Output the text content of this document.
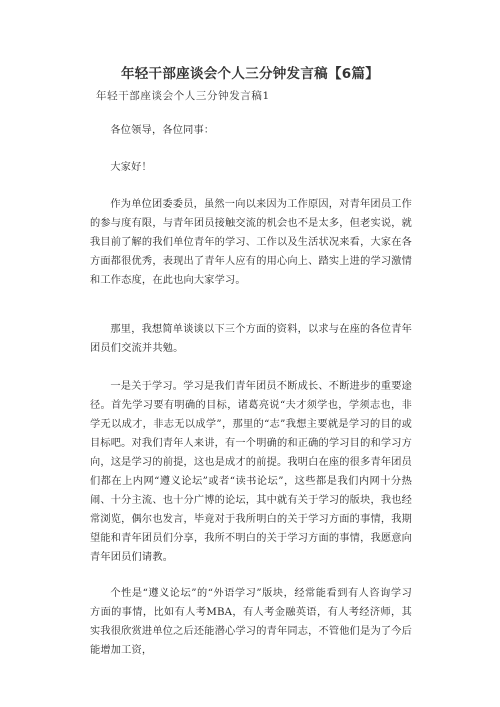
年轻干部座谈会个人三分钟发言稿【6篇】
年轻干部座谈会个人三分钟发言稿1

各位领导，各位同事：

大家好！

作为单位团委委员，虽然一向以来因为工作原因，对青年团员工作的参与度有限，与青年团员接触交流的机会也不是太多，但老实说，就我目前了解的我们单位青年的学习、工作以及生活状况来看，大家在各方面都很优秀，表现出了青年人应有的用心向上、踏实上进的学习激情和工作态度，在此也向大家学习。

那里，我想简单谈谈以下三个方面的资料，以求与在座的各位青年团员们交流并共勉。

一是关于学习。学习是我们青年团员不断成长、不断进步的重要途径。首先学习要有明确的目标，诸葛亮说“夫才须学也，学须志也，非学无以成才，非志无以成学”，那里的“志”我想主要就是学习的目的或目标吧。对我们青年人来讲，有一个明确的和正确的学习目的和学习方向，这是学习的前提，这也是成才的前提。我明白在座的很多青年团员们都在上内网“遵义论坛”或者“读书论坛”，这些都是我们内网十分热闹、十分主流、也十分广博的论坛，其中就有关于学习的版块，我也经常浏览，偶尔也发言，毕竟对于我所明白的关于学习方面的事情，我期望能和青年团员们分享，我所不明白的关于学习方面的事情，我愿意向青年团员们请教。

个性是“遵义论坛”的“外语学习”版块，经常能看到有人咨询学习方面的事情，比如有人考MBA，有人考金融英语，有人考经济师，其实我很欣赏进单位之后还能潜心学习的青年同志，不管他们是为了今后能增加工资，
